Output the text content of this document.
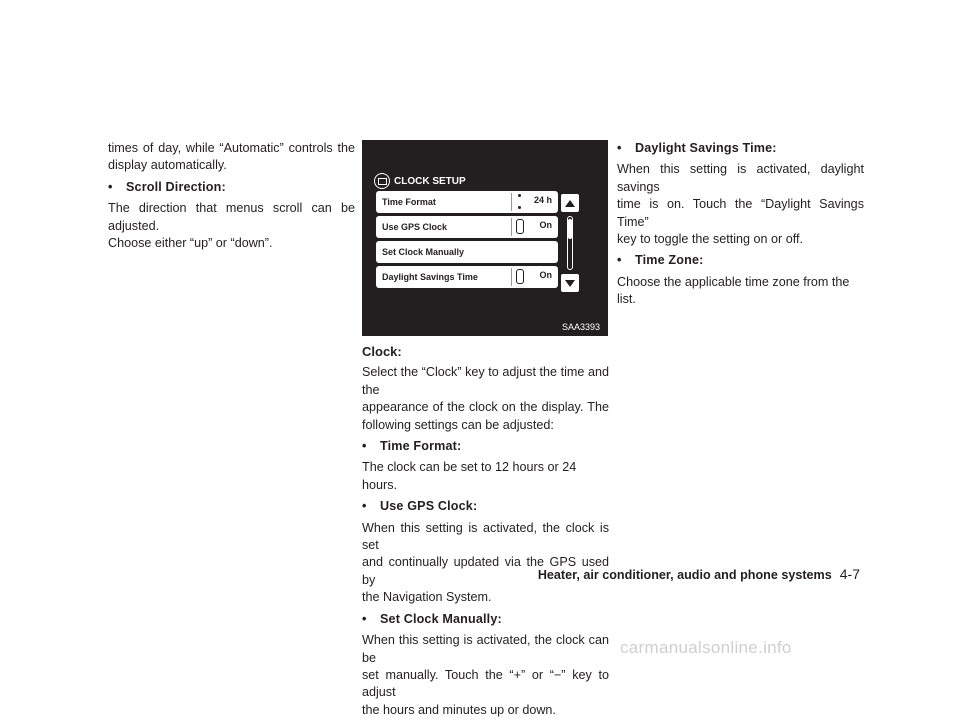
times of day, while “Automatic” controls the

display automatically.

• Scroll Direction:

The direction that menus scroll can be adjusted.

Choose either “up” or “down”.

CLOCK SETUP
Time Format	24 h
Use GPS Clock	On
Set Clock Manually
Daylight Savings Time	On
SAA3393

Clock:

Select the “Clock” key to adjust the time and the

appearance of the clock on the display. The

following settings can be adjusted:

• Time Format:

The clock can be set to 12 hours or 24 hours.

• Use GPS Clock:

When this setting is activated, the clock is set

and continually updated via the GPS used by

the Navigation System.

• Set Clock Manually:

When this setting is activated, the clock can be

set manually. Touch the “+” or “−” key to adjust

the hours and minutes up or down.

• Daylight Savings Time:

When this setting is activated, daylight savings

time is on. Touch the “Daylight Savings Time”

key to toggle the setting on or off.

• Time Zone:

Choose the applicable time zone from the list.

Heater, air conditioner, audio and phone systems 4-7
carmanualsonline.info
